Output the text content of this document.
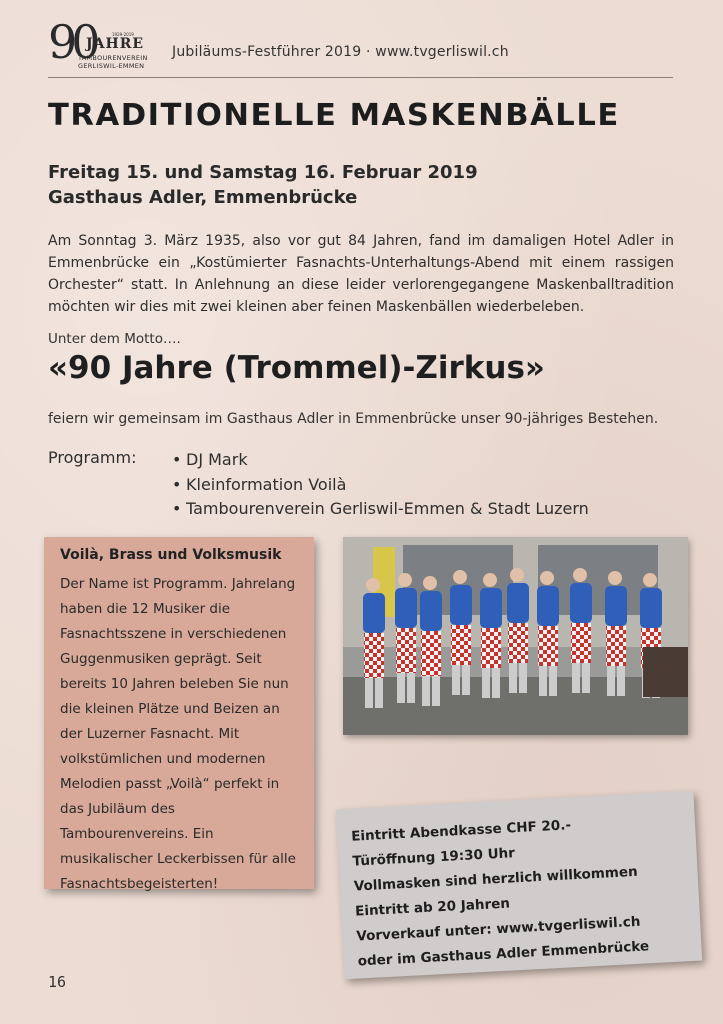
90	1929-2019
JAHRE
TAMBOURENVEREIN
GERLISWIL-EMMEN
Jubiläums-Festführer 2019 · www.tvgerliswil.ch
TRADITIONELLE MASKENBÄLLE
Freitag 15. und Samstag 16. Februar 2019
Gasthaus Adler, Emmenbrücke
Am Sonntag 3. März 1935, also vor gut 84 Jahren, fand im damaligen Hotel Adler in Emmenbrücke ein „Kostümierter Fasnachts-Unterhaltungs-Abend mit einem rassigen Orchester“ statt. In Anlehnung an diese leider verlorengegangene Maskenballtradition möchten wir dies mit zwei kleinen aber feinen Maskenbällen wiederbeleben.
Unter dem Motto….
«90 Jahre (Trommel)-Zirkus»
feiern wir gemeinsam im Gasthaus Adler in Emmenbrücke unser 90-jähriges Bestehen.
Programm:
•	DJ Mark
• Kleinformation Voilà
• Tambourenverein Gerliswil-Emmen & Stadt Luzern
Voilà, Brass und Volksmusik
Der Name ist Programm. Jahrelang haben die 12 Musiker die Fasnachtsszene in verschiedenen Guggenmusiken geprägt. Seit bereits 10 Jahren beleben Sie nun die kleinen Plätze und Beizen an der Luzerner Fasnacht. Mit volkstümlichen und modernen Melodien passt „Voilà“ perfekt in das Jubiläum des Tambourenvereins. Ein musikalischer Leckerbissen für alle Fasnachtsbegeisterten!
Eintritt Abendkasse CHF 20.-
Türöffnung 19:30 Uhr
Vollmasken sind herzlich willkommen
Eintritt ab 20 Jahren
Vorverkauf unter: www.tvgerliswil.ch
oder im Gasthaus Adler Emmenbrücke
16
